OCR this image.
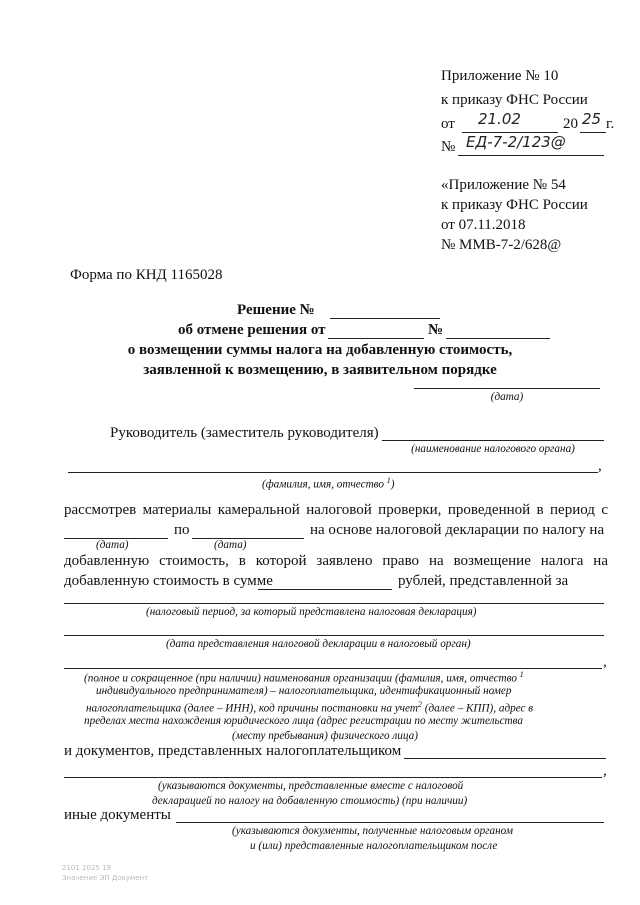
Приложение № 10
к приказу ФНС России
от 21.02	20 25 г.
№ ЕД-7-2/123@
«Приложение № 54
к приказу ФНС России
от 07.11.2018
№ ММВ-7-2/628@
Форма по КНД 1165028
Решение №
об отмене решения от	№
о возмещении суммы налога на добавленную стоимость,
заявленной к возмещению, в заявительном порядке
(дата)
Руководитель (заместитель руководителя)
(наименование налогового органа)
,
(фамилия, имя, отчество $^1$)
рассмотрев материалы камеральной налоговой проверки, проведенной в период с
по	на основе налоговой декларации по налогу на
(дата)	(дата)
добавленную стоимость, в которой заявлено право на возмещение налога на
добавленную стоимость в сумме	рублей, представленной за
(налоговый период, за который представлена налоговая декларация)
(дата представления налоговой декларации в налоговый орган)
,
(полное и сокращенное (при наличии) наименования организации (фамилия, имя, отчество $^1$
индивидуального предпринимателя) – налогоплательщика, идентификационный номер
налогоплательщика (далее – ИНН), код причины постановки на учет$^2$ (далее – КПП), адрес в
пределах места нахождения юридического лица (адрес регистрации по месту жительства
(месту пребывания) физического лица)
и документов, представленных налогоплательщиком
,
(указываются документы, представленные вместе с налоговой
декларацией по налогу на добавленную стоимость) (при наличии)
иные документы
(указываются документы, полученные налоговым органом
и (или) представленные налогоплательщиком после
2101 2025 19
Значение ЭП Документ
